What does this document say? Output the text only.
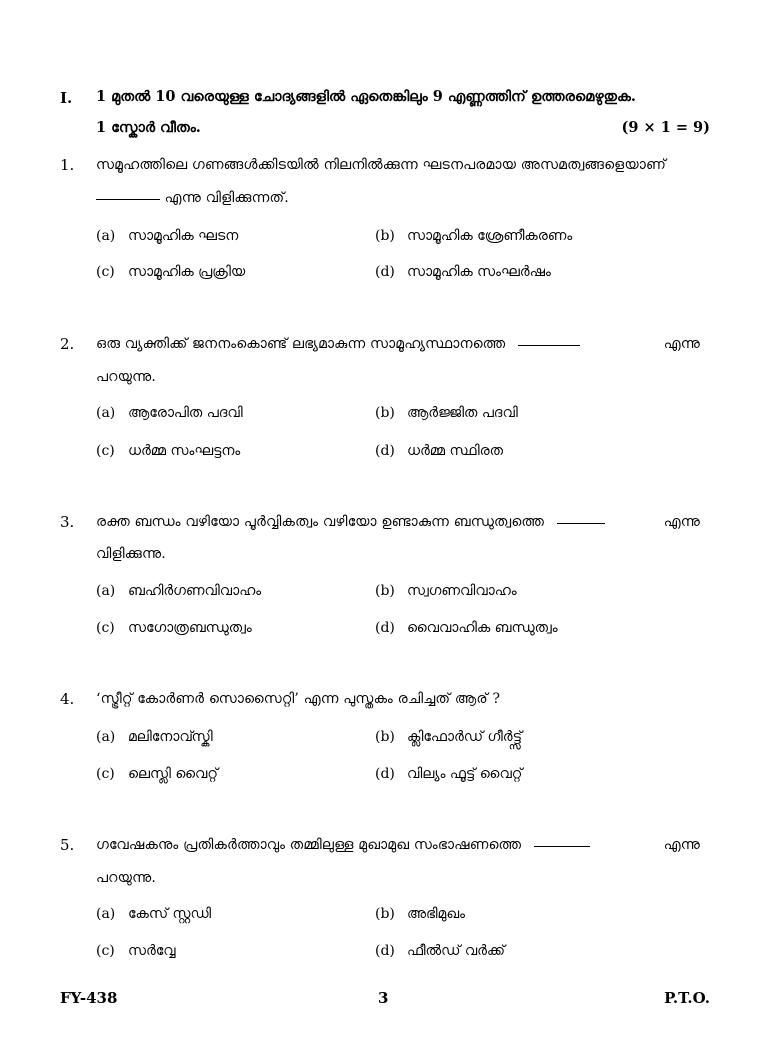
I. 1 മുതൽ 10 വരെയുള്ള ചോദ്യങ്ങളിൽ ഏതെങ്കിലും 9 എണ്ണത്തിന് ഉത്തരമെഴുതുക.
1 സ്കോർ വീതം.	(9 × 1 = 9)
1. സമൂഹത്തിലെ ഗണങ്ങൾക്കിടയിൽ നിലനിൽക്കുന്ന ഘടനപരമായ അസമത്വങ്ങളെയാണ്
എന്നു വിളിക്കുന്നത്.
(a) സാമൂഹിക ഘടന	(b) സാമൂഹിക ശ്രേണീകരണം
(c) സാമൂഹിക പ്രക്രിയ	(d) സാമൂഹിക സംഘർഷം
2. ഒരു വ്യക്തിക്ക് ജനനംകൊണ്ട് ലഭ്യമാകുന്ന സാമൂഹ്യസ്ഥാനത്തെ	എന്നു
പറയുന്നു.
(a) ആരോപിത പദവി	(b) ആർജ്ജിത പദവി
(c) ധർമ്മ സംഘട്ടനം	(d) ധർമ്മ സ്ഥിരത
3. രക്ത ബന്ധം വഴിയോ പൂർവ്വികത്വം വഴിയോ ഉണ്ടാകുന്ന ബന്ധുത്വത്തെ	എന്നു
വിളിക്കുന്നു.
(a) ബഹിർഗണവിവാഹം	(b) സ്വഗണവിവാഹം
(c) സഗോത്രബന്ധുത്വം	(d) വൈവാഹിക ബന്ധുത്വം
4. ‘സ്ട്രീറ്റ് കോർണർ സൊസൈറ്റി’ എന്ന പുസ്തകം രചിച്ചത് ആര് ?
(a) മലിനോവ്സ്കി	(b) ക്ലിഫോർഡ് ഗീർട്ട്സ്
(c) ലെസ്ലി വൈറ്റ്	(d) വില്യം ഫൂട്ട് വൈറ്റ്
5. ഗവേഷകനും പ്രതികർത്താവും തമ്മിലുള്ള മുഖാമുഖ സംഭാഷണത്തെ	എന്നു
പറയുന്നു.
(a) കേസ് സ്റ്റഡി	(b) അഭിമുഖം
(c) സർവ്വേ	(d) ഫീൽഡ് വർക്ക്
FY-438	3	P.T.O.
